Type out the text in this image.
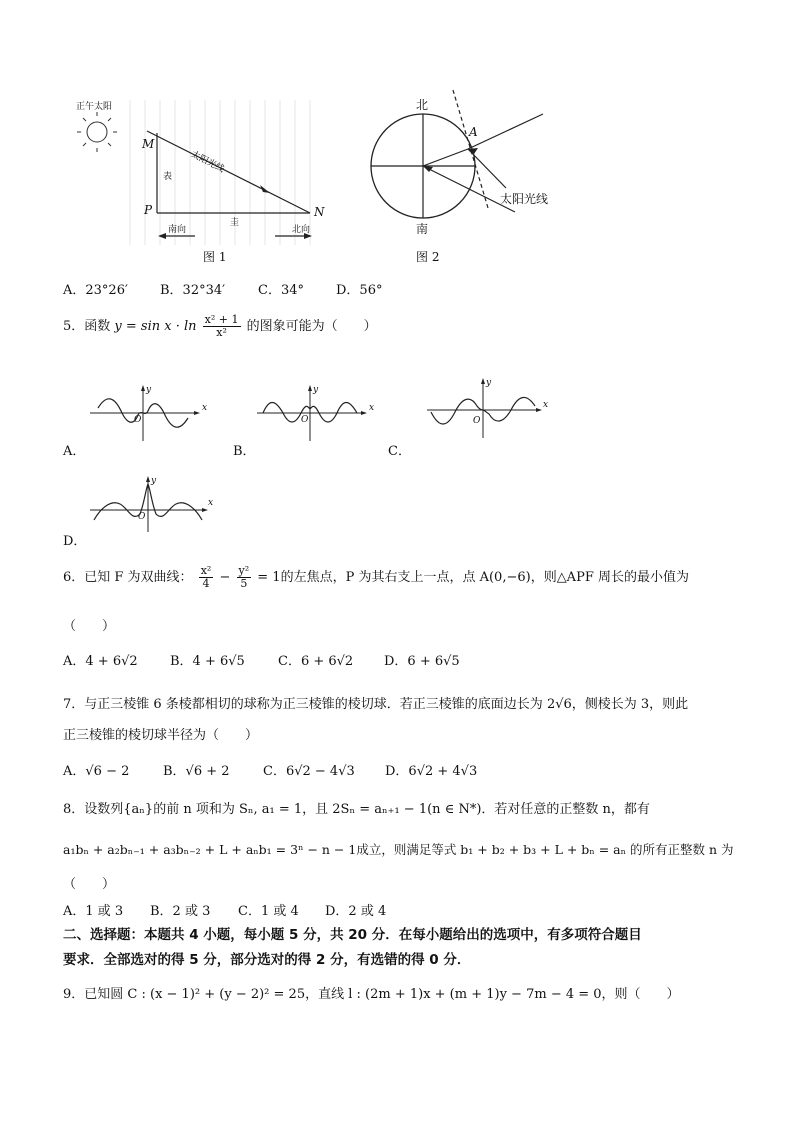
正午太阳
M
P	N
太阳光线
表
圭
南向	北向
图 1
北
南
A
太阳光线
图 2
A．23°26′ B．32°34′	C．34° D．56°
5．函数 $y = \sin x \cdot \ln \frac{\text{x² + 1}}{\text{x²}}$ 的图象可能为（　　）
A．
x
y
O
B．
x
y
O
C．
x
y
O
D．
x
y
O
6．已知 F 为双曲线： $\frac{\text{x²}}{4} - \frac{\text{y²}}{5} = 1$的左焦点，P 为其右支上一点，点 A(0,−6)，则△APF 周长的最小值为
（　　）
A．4 + 6√2 B．4 + 6√5	C．6 + 6√2 D．6 + 6√5
7．与正三棱锥 6 条棱都相切的球称为正三棱锥的棱切球．若正三棱锥的底面边长为 2√6，侧棱长为 3，则此
正三棱锥的棱切球半径为（　　）
A．√6 − 2	B．√6 + 2	C．6√2 − 4√3 D．6√2 + 4√3
8．设数列{aₙ}的前 n 项和为 Sₙ, a₁ = 1，且 2Sₙ = aₙ₊₁ − 1(n ∈ N*)．若对任意的正整数 n，都有
a₁bₙ + a₂bₙ₋₁ + a₃bₙ₋₂ + L + aₙb₁ = 3ⁿ − n − 1成立，则满足等式 b₁ + b₂ + b₃ + L + bₙ = aₙ 的所有正整数 n 为
（　　）
A．1 或 3 B．2 或 3 C．1 或 4 D．2 或 4
二、选择题：本题共 4 小题，每小题 5 分，共 20 分．在每小题给出的选项中，有多项符合题目
要求．全部选对的得 5 分，部分选对的得 2 分，有选错的得 0 分．
9．已知圆 C : (x − 1)² + (y − 2)² = 25，直线 l : (2m + 1)x + (m + 1)y − 7m − 4 = 0，则（　　）
